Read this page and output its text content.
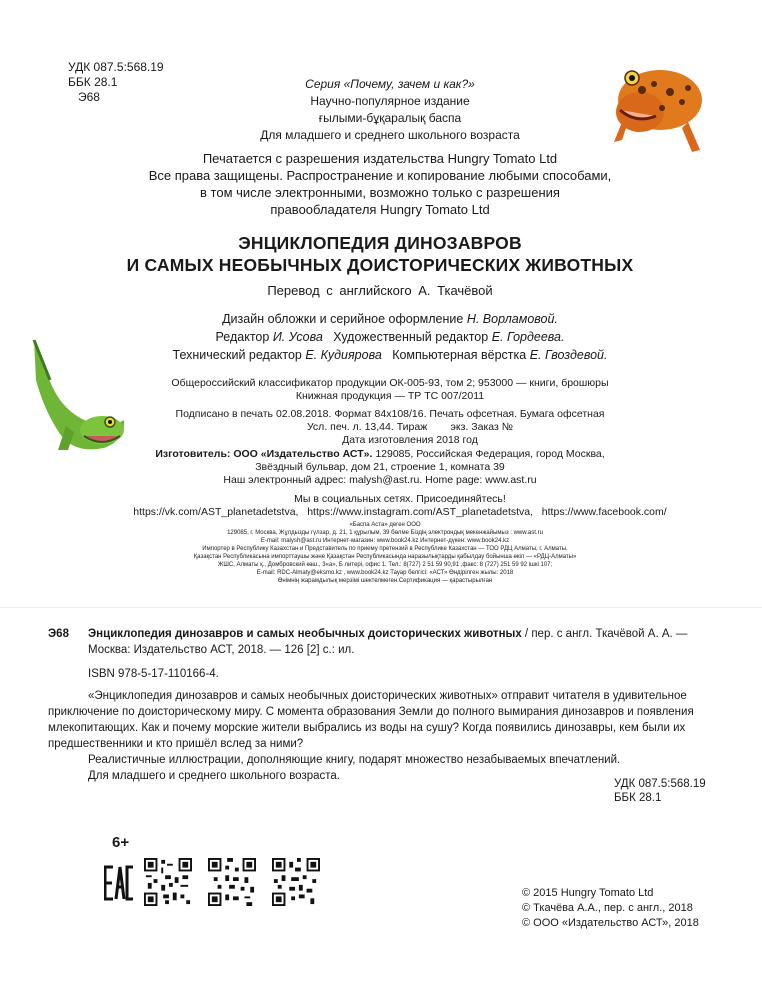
УДК 087.5:568.19
ББК 28.1
Э68
Серия «Почему, зачем и как?»
Научно-популярное издание
ғылыми-бұқаралық баспа
Для младшего и среднего школьного возраста
Печатается с разрешения издательства Hungry Tomato Ltd
Все права защищены. Распространение и копирование любыми способами,
в том числе электронными, возможно только с разрешения
правообладателя Hungry Tomato Ltd
ЭНЦИКЛОПЕДИЯ ДИНОЗАВРОВ
И САМЫХ НЕОБЫЧНЫХ ДОИСТОРИЧЕСКИХ ЖИВОТНЫХ
Перевод с английского А. Ткачёвой
Дизайн обложки и серийное оформление Н. Ворламовой.
Редактор И. Усова Художественный редактор Е. Гордеева.
Технический редактор Е. Кудиярова Компьютерная вёрстка Е. Гвоздевой.
Общероссийский классификатор продукции ОК-005-93, том 2; 953000 — книги, брошюры
Книжная продукция — ТР ТС 007/2011
Подписано в печать 02.08.2018. Формат 84x108/16. Печать офсетная. Бумага офсетная
Усл. печ. л. 13,44. Тираж        экз. Заказ №
Дата изготовления 2018 год
Изготовитель: ООО «Издательство АСТ». 129085, Российская Федерация, город Москва,
Звёздный бульвар, дом 21, строение 1, комната 39
Наш электронный адрес: malysh@ast.ru. Home page: www.ast.ru
Мы в социальных сетях. Присоединяйтесь!
https://vk.com/AST_planetadetstva,   https://www.instagram.com/AST_planetadetstva,   https://www.facebook.com/
«Баспа Аста» деген ООО
129085, г. Москва, Жұлдызды гүлзар, д. 21, 1 құрылым, 39 бөлме Біздің электрондық мекенжайымыз : www.ast.ru
E-mail: malysh@ast.ru Интернет-магазин: www.book24.kz Интернет-дүкен: www.book24.kz
Импортер в Республику Казахстан и Представитель по приему претензий в Республике Казахстан — ТОО РДЦ Алматы, г. Алматы.
Қазақстан Республикасына импорттаушы және Қазақстан Республикасында наразылықтарды қабылдау бойынша өкіл — «РДЦ-Алматы»
ЖШС, Алматы қ., Домбровский көш., 3«а», Б литері, офис 1. Тел.: 8(727) 2 51 59 90,91 ,факс: 8 (727) 251 59 92 ішкі 107;
E-mail: RDC-Almaty@eksmo.kz , www.book24.kz Тауар белгісі: «АСТ» Өндірілген жылы: 2018
Өнімнің жарамдылық мерзімі шектелмеген.Сертификация — қарастырылған
Э68 Энциклопедия динозавров и самых необычных доисторических животных / пер. с англ. Ткачёвой А. А. —
Москва: Издательство АСТ, 2018. — 126 [2] с.: ил.
ISBN 978-5-17-110166-4.

«Энциклопедия динозавров и самых необычных доисторических животных» отправит читателя в удивительное приключение по доисторическому миру. С момента образования Земли до полного вымирания динозавров и появления млекопитающих. Как и почему морские жители выбрались из воды на сушу? Когда появились динозавры, кем были их предшественники и кто пришёл вслед за ними?

Реалистичные иллюстрации, дополняющие книгу, подарят множество незабываемых впечатлений.

Для младшего и среднего школьного возраста.

УДК 087.5:568.19
ББК 28.1
6+
© 2015 Hungry Tomato Ltd
© Ткачёва А.А., пер. с англ., 2018
© ООО «Издательство АСТ», 2018
